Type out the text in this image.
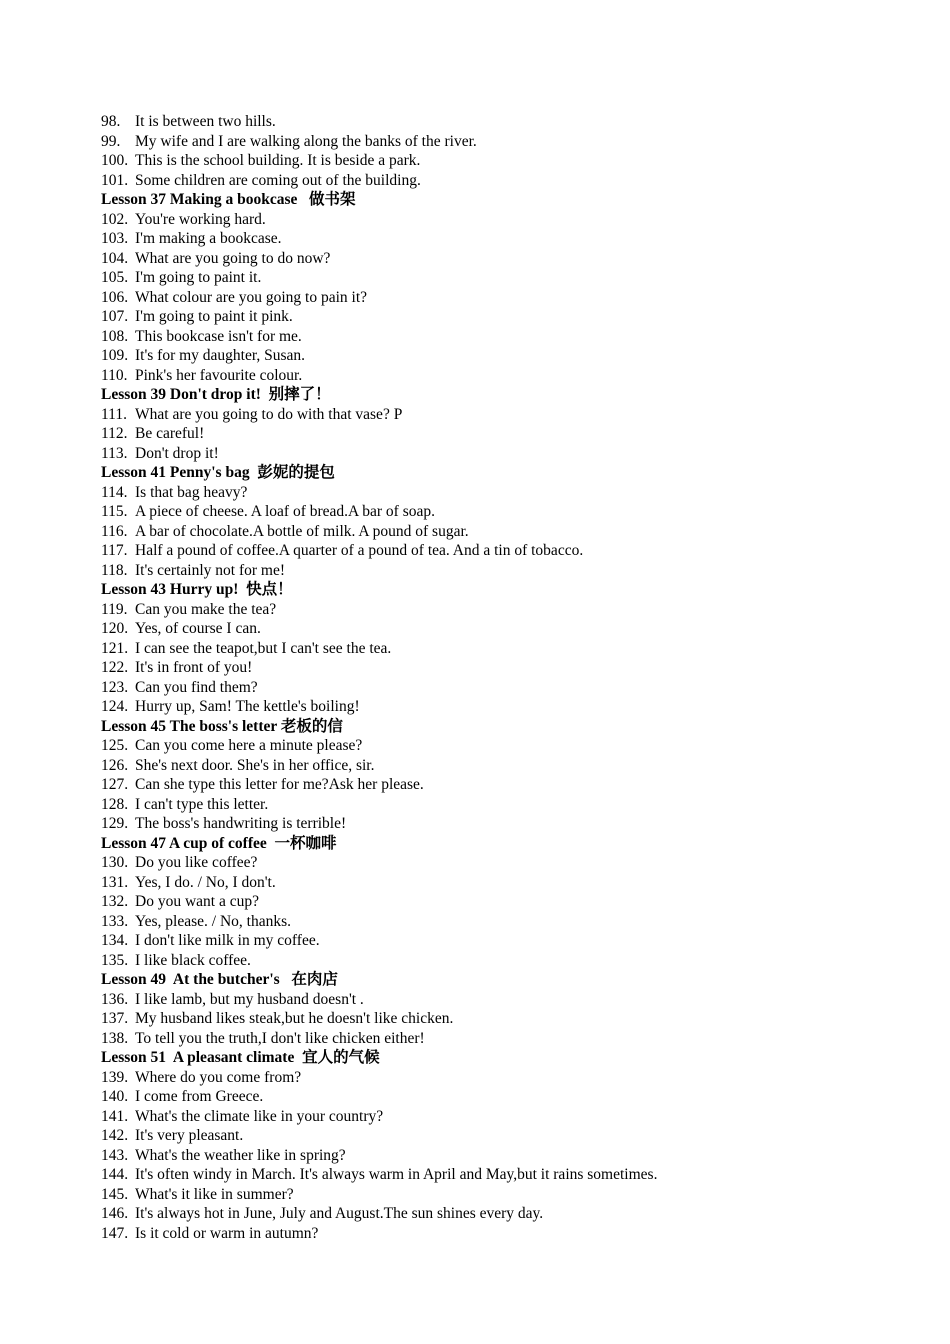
98. It is between two hills.
99. My wife and I are walking along the banks of the river.
100. This is the school building. It is beside a park.
101. Some children are coming out of the building.
Lesson 37 Making a bookcase   做书架
102. You're working hard.
103. I'm making a bookcase.
104. What are you going to do now?
105. I'm going to paint it.
106. What colour are you going to pain it?
107. I'm going to paint it pink.
108. This bookcase isn't for me.
109. It's for my daughter, Susan.
110. Pink's her favourite colour.
Lesson 39 Don't drop it!  别摔了！
111. What are you going to do with that vase? P
112. Be careful!
113. Don't drop it!
Lesson 41 Penny's bag  彭妮的提包
114. Is that bag heavy?
115. A piece of cheese. A loaf of bread.A bar of soap.
116. A bar of chocolate.A bottle of milk. A pound of sugar.
117. Half a pound of coffee.A quarter of a pound of tea. And a tin of tobacco.
118. It's certainly not for me!
Lesson 43 Hurry up!  快点！
119. Can you make the tea?
120. Yes, of course I can.
121. I can see the teapot,but I can't see the tea.
122. It's in front of you!
123. Can you find them?
124. Hurry up, Sam! The kettle's boiling!
Lesson 45 The boss's letter 老板的信
125. Can you come here a minute please?
126. She's next door. She's in her office, sir.
127. Can she type this letter for me?Ask her please.
128. I can't type this letter.
129. The boss's handwriting is terrible!
Lesson 47 A cup of coffee  一杯咖啡
130. Do you like coffee?
131. Yes, I do. / No, I don't.
132. Do you want a cup?
133. Yes, please. / No, thanks.
134. I don't like milk in my coffee.
135. I like black coffee.
Lesson 49  At the butcher's   在肉店
136. I like lamb, but my husband doesn't .
137. My husband likes steak,but he doesn't like chicken.
138. To tell you the truth,I don't like chicken either!
Lesson 51  A pleasant climate  宜人的气候
139. Where do you come from?
140. I come from Greece.
141. What's the climate like in your country?
142. It's very pleasant.
143. What's the weather like in spring?
144. It's often windy in March. It's always warm in April and May,but it rains sometimes.
145. What's it like in summer?
146. It's always hot in June, July and August.The sun shines every day.
147. Is it cold or warm in autumn?
